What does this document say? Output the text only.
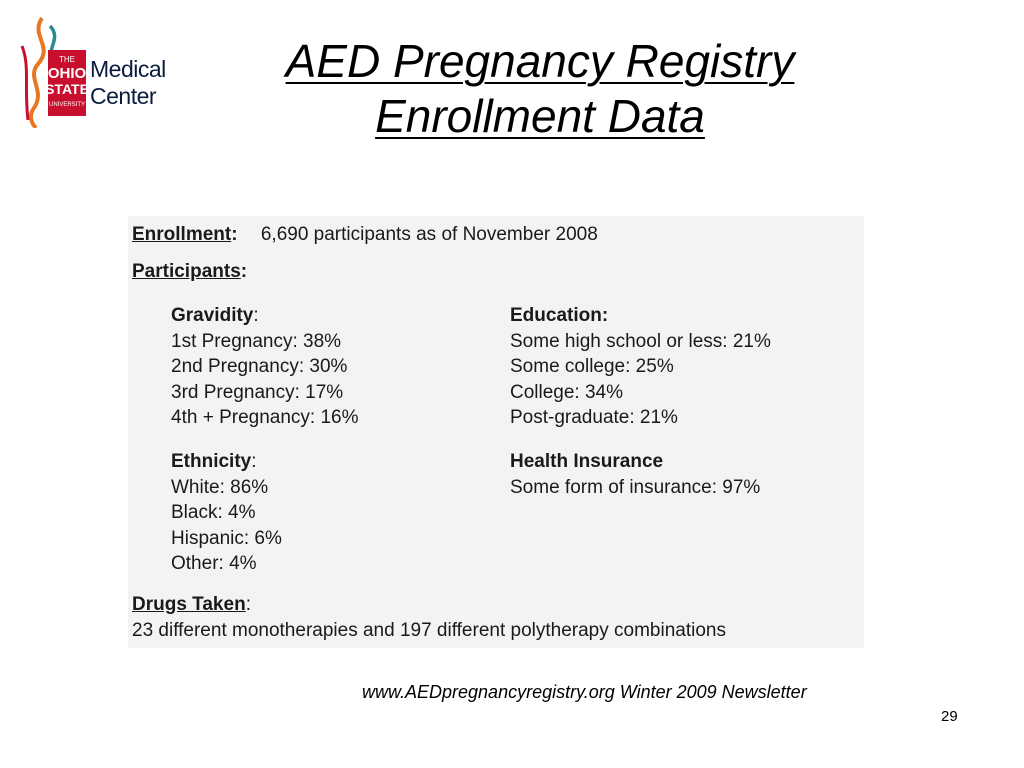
THE
OHIO
STATE
UNIVERSITY
Medical
Center
AED Pregnancy Registry
Enrollment Data
Enrollment: 6,690 participants as of November 2008
Participants:
Gravidity:
1st Pregnancy: 38%
2nd Pregnancy: 30%
3rd Pregnancy: 17%
4th + Pregnancy: 16%
Education:
Some high school or less: 21%
Some college: 25%
College: 34%
Post-graduate: 21%
Ethnicity:
White: 86%
Black: 4%
Hispanic: 6%
Other: 4%
Health Insurance
Some form of insurance: 97%
Drugs Taken:
23 different monotherapies and 197 different polytherapy combinations
www.AEDpregnancyregistry.org Winter 2009 Newsletter
29
